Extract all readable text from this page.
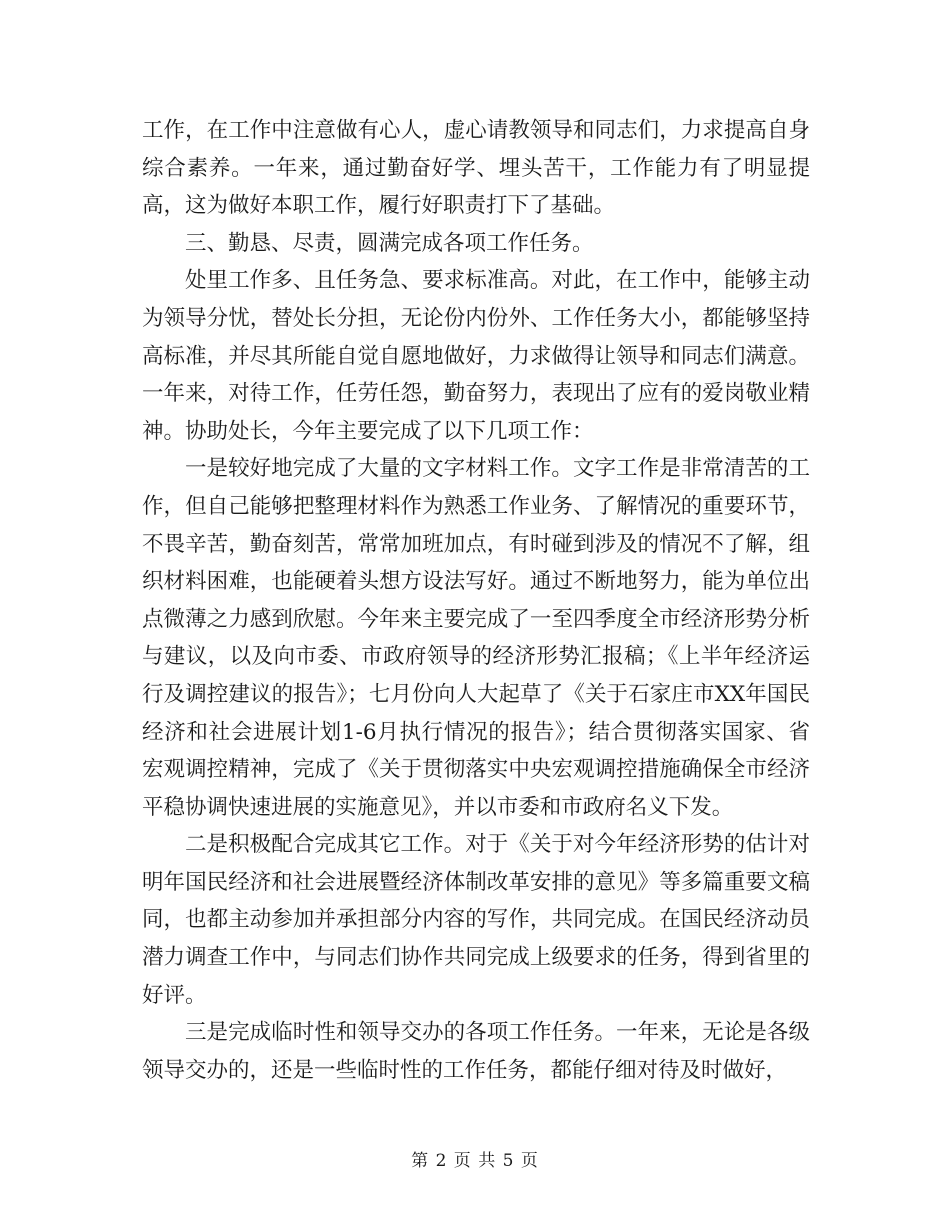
工作，在工作中注意做有心人，虚心请教领导和同志们，力求提高自身综合素养。一年来，通过勤奋好学、埋头苦干，工作能力有了明显提高，这为做好本职工作，履行好职责打下了基础。

三、勤恳、尽责，圆满完成各项工作任务。

处里工作多、且任务急、要求标准高。对此，在工作中，能够主动为领导分忧，替处长分担，无论份内份外、工作任务大小，都能够坚持高标准，并尽其所能自觉自愿地做好，力求做得让领导和同志们满意。一年来，对待工作，任劳任怨，勤奋努力，表现出了应有的爱岗敬业精神。协助处长，今年主要完成了以下几项工作：

一是较好地完成了大量的文字材料工作。文字工作是非常清苦的工作，但自己能够把整理材料作为熟悉工作业务、了解情况的重要环节，不畏辛苦，勤奋刻苦，常常加班加点，有时碰到涉及的情况不了解，组织材料困难，也能硬着头想方设法写好。通过不断地努力，能为单位出点微薄之力感到欣慰。今年来主要完成了一至四季度全市经济形势分析与建议，以及向市委、市政府领导的经济形势汇报稿；《上半年经济运行及调控建议的报告》；七月份向人大起草了《关于石家庄市XX年国民经济和社会进展计划1-6月执行情况的报告》；结合贯彻落实国家、省宏观调控精神，完成了《关于贯彻落实中央宏观调控措施确保全市经济平稳协调快速进展的实施意见》，并以市委和市政府名义下发。

二是积极配合完成其它工作。对于《关于对今年经济形势的估计对明年国民经济和社会进展暨经济体制改革安排的意见》等多篇重要文稿同，也都主动参加并承担部分内容的写作，共同完成。在国民经济动员潜力调查工作中，与同志们协作共同完成上级要求的任务，得到省里的好评。

三是完成临时性和领导交办的各项工作任务。一年来，无论是各级领导交办的，还是一些临时性的工作任务，都能仔细对待及时做好，

第 2 页 共 5 页
